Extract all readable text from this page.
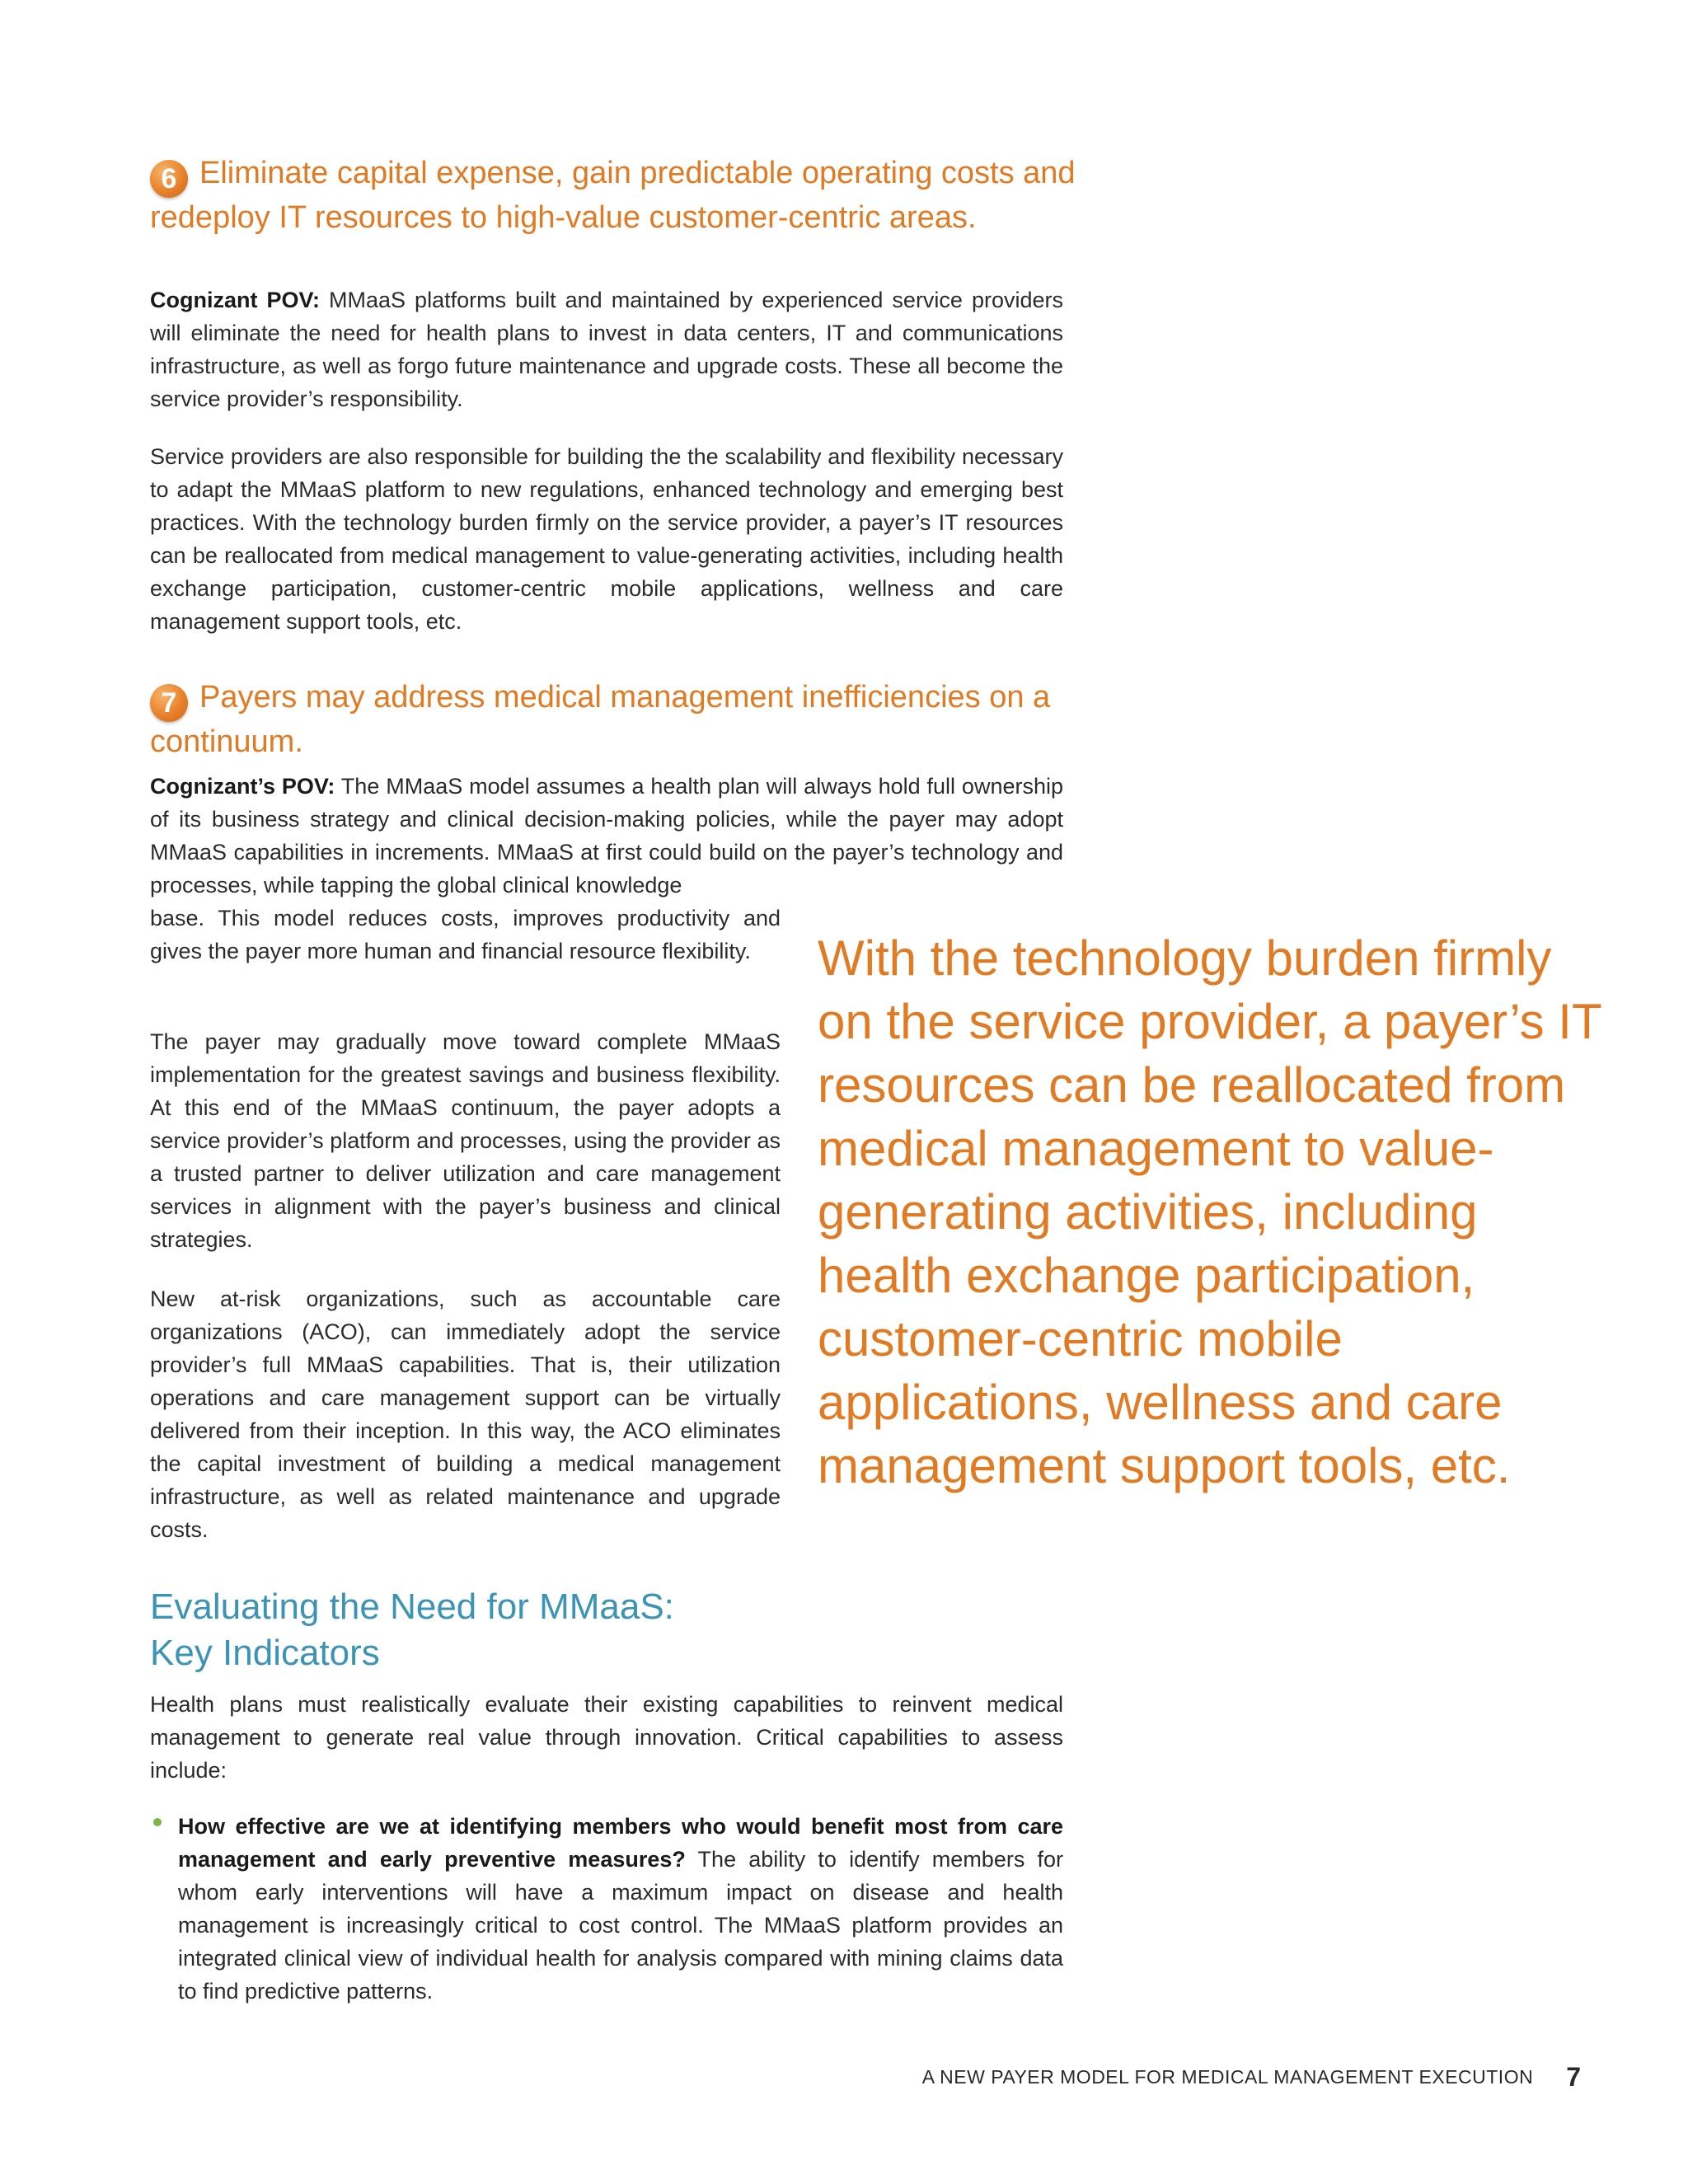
6 Eliminate capital expense, gain predictable operating costs and redeploy IT resources to high-value customer-centric areas.

Cognizant POV: MMaaS platforms built and maintained by experienced service providers will eliminate the need for health plans to invest in data centers, IT and communications infrastructure, as well as forgo future maintenance and upgrade costs. These all become the service provider’s responsibility.

Service providers are also responsible for building the the scalability and flexibility necessary to adapt the MMaaS platform to new regulations, enhanced technology and emerging best practices. With the technology burden firmly on the service provider, a payer’s IT resources can be reallocated from medical management to value-generating activities, including health exchange participation, customer-centric mobile applications, wellness and care management support tools, etc.

7 Payers may address medical management inefficiencies on a continuum.

Cognizant’s POV: The MMaaS model assumes a health plan will always hold full ownership of its business strategy and clinical decision-making policies, while the payer may adopt MMaaS capabilities in increments. MMaaS at first could build on the payer’s technology and processes, while tapping the global clinical knowledge

base. This model reduces costs, improves productivity and gives the payer more human and financial resource flexibility.

The payer may gradually move toward complete MMaaS implementation for the greatest savings and business flexibility. At this end of the MMaaS continuum, the payer adopts a service provider’s platform and processes, using the provider as a trusted partner to deliver utilization and care management services in alignment with the payer’s business and clinical strategies.

New at-risk organizations, such as accountable care organizations (ACO), can immediately adopt the service provider’s full MMaaS capabilities. That is, their utilization operations and care management support can be virtually delivered from their inception. In this way, the ACO eliminates the capital investment of building a medical management infrastructure, as well as related maintenance and upgrade costs.

With the technology burden firmly on the service provider, a payer’s IT resources can be reallocated from medical management to value-generating activities, including health exchange participation, customer-centric mobile applications, wellness and care management support tools, etc.

Evaluating the Need for MMaaS:
Key Indicators

Health plans must realistically evaluate their existing capabilities to reinvent medical management to generate real value through innovation. Critical capabilities to assess include:

How effective are we at identifying members who would benefit most from care management and early preventive measures? The ability to identify members for whom early interventions will have a maximum impact on disease and health management is increasingly critical to cost control. The MMaaS platform provides an integrated clinical view of individual health for analysis compared with mining claims data to find predictive patterns.

A NEW PAYER MODEL FOR MEDICAL MANAGEMENT EXECUTION 7
